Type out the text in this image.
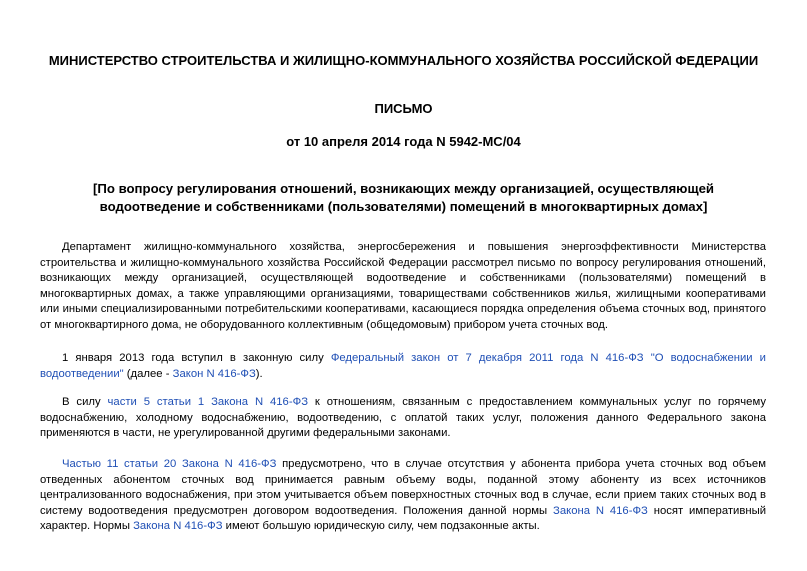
МИНИСТЕРСТВО СТРОИТЕЛЬСТВА И ЖИЛИЩНО-КОММУНАЛЬНОГО ХОЗЯЙСТВА РОССИЙСКОЙ ФЕДЕРАЦИИ

ПИСЬМО

от 10 апреля 2014 года N 5942-МС/04

[По вопросу регулирования отношений, возникающих между организацией, осуществляющей водоотведение и собственниками (пользователями) помещений в многоквартирных домах]

Департамент жилищно-коммунального хозяйства, энергосбережения и повышения энергоэффективности Министерства строительства и жилищно-коммунального хозяйства Российской Федерации рассмотрел письмо по вопросу регулирования отношений, возникающих между организацией, осуществляющей водоотведение и собственниками (пользователями) помещений в многоквартирных домах, а также управляющими организациями, товариществами собственников жилья, жилищными кооперативами или иными специализированными потребительскими кооперативами, касающиеся порядка определения объема сточных вод, принятого от многоквартирного дома, не оборудованного коллективным (общедомовым) прибором учета сточных вод.

1 января 2013 года вступил в законную силу Федеральный закон от 7 декабря 2011 года N 416-ФЗ "О водоснабжении и водоотведении" (далее - Закон N 416-ФЗ).

В силу части 5 статьи 1 Закона N 416-ФЗ к отношениям, связанным с предоставлением коммунальных услуг по горячему водоснабжению, холодному водоснабжению, водоотведению, с оплатой таких услуг, положения данного Федерального закона применяются в части, не урегулированной другими федеральными законами.

Частью 11 статьи 20 Закона N 416-ФЗ предусмотрено, что в случае отсутствия у абонента прибора учета сточных вод объем отведенных абонентом сточных вод принимается равным объему воды, поданной этому абоненту из всех источников централизованного водоснабжения, при этом учитывается объем поверхностных сточных вод в случае, если прием таких сточных вод в систему водоотведения предусмотрен договором водоотведения. Положения данной нормы Закона N 416-ФЗ носят императивный характер. Нормы Закона N 416-ФЗ имеют большую юридическую силу, чем подзаконные акты.
